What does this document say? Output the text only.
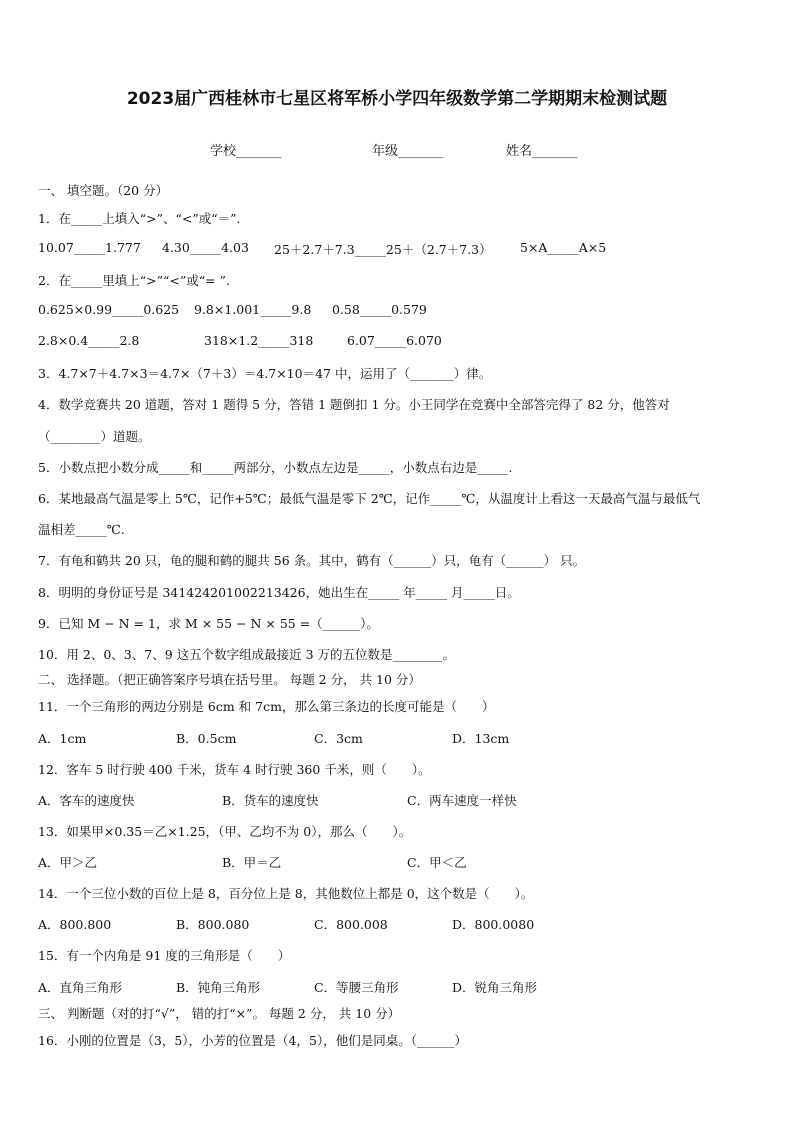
2023届广西桂林市七星区将军桥小学四年级数学第二学期期末检测试题
学校_______	年级_______	姓名_______
一、 填空题。（20 分）
1．在_____上填入“>”、“<”或“＝”．
10.07_____1.777 4.30_____4.03 25＋2.7＋7.3_____25＋（2.7＋7.3） 5×A_____A×5
2．在_____里填上“>”“<”或“= ”.
0.625×0.99_____0.625 9.8×1.001_____9.8 0.58_____0.579
2.8×0.4_____2.8	318×1.2_____318	6.07_____6.070
3．4.7×7＋4.7×3＝4.7×（7＋3）＝4.7×10＝47 中，运用了（_______）律。
4．数学竞赛共 20 道题，答对 1 题得 5 分，答错 1 题倒扣 1 分。小王同学在竞赛中全部答完得了 82 分，他答对
（________）道题。
5．小数点把小数分成_____和_____两部分，小数点左边是_____，小数点右边是_____.
6．某地最高气温是零上 5℃，记作+5℃；最低气温是零下 2℃，记作_____℃，从温度计上看这一天最高气温与最低气
温相差_____℃.
7．有龟和鹤共 20 只，龟的腿和鹤的腿共 56 条。其中，鹤有（______）只，龟有（______） 只。
8．明明的身份证号是 341424201002213426，她出生在_____ 年_____ 月_____日。
9．已知 M − N = 1，求 M × 55 − N × 55 =（______）。
10．用 2、0、3、7、9 这五个数字组成最接近 3 万的五位数是________。
二、 选择题。（把正确答案序号填在括号里。 每题 2 分， 共 10 分）
11．一个三角形的两边分别是 6cm 和 7cm，那么第三条边的长度可能是（　　）
A．1cm	B．0.5cm	C．3cm	D．13cm
12．客车 5 时行驶 400 千米，货车 4 时行驶 360 千米，则（　　）。
A．客车的速度快	B．货车的速度快	C．两车速度一样快
13．如果甲×0.35＝乙×1.25，（甲、乙均不为 0），那么（　　）。
A．甲＞乙	B．甲＝乙	C．甲＜乙
14．一个三位小数的百位上是 8，百分位上是 8，其他数位上都是 0，这个数是（　　）。
A．800.800	B．800.080	C．800.008	D．800.0080
15．有一个内角是 91 度的三角形是（　　）
A．直角三角形	B．钝角三角形	C．等腰三角形	D．锐角三角形
三、 判断题（对的打“√”， 错的打“×”。 每题 2 分， 共 10 分）
16．小刚的位置是（3，5），小芳的位置是（4，5），他们是同桌。（______）
